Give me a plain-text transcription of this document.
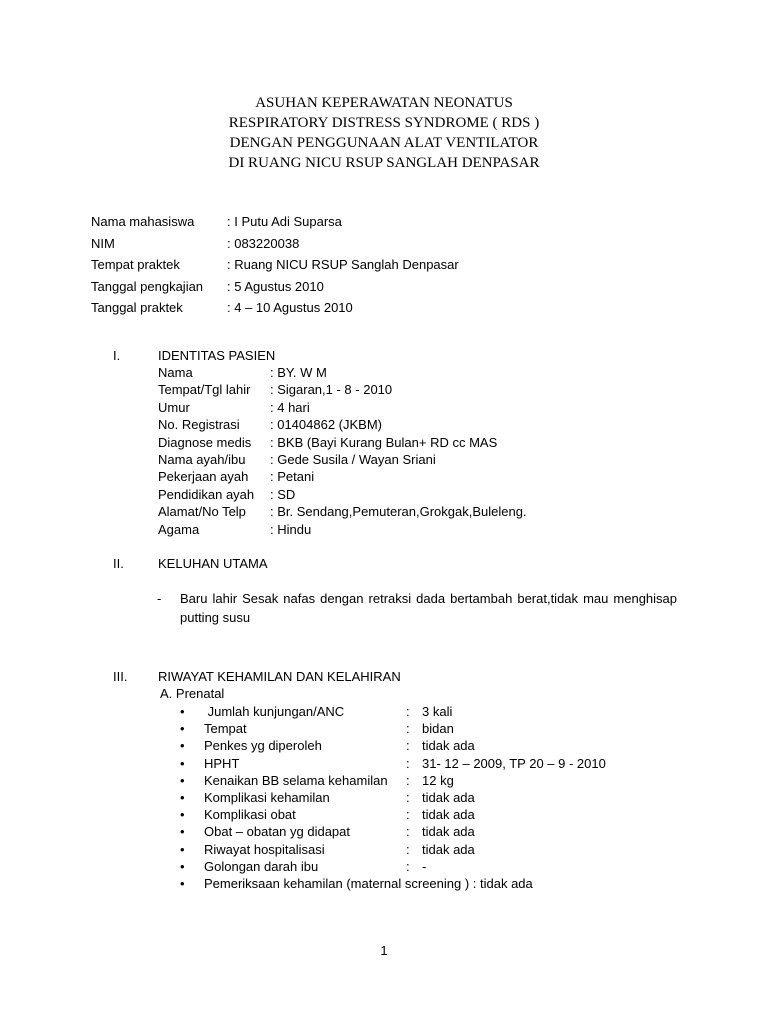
ASUHAN KEPERAWATAN NEONATUS
RESPIRATORY DISTRESS SYNDROME ( RDS )
DENGAN PENGGUNAAN ALAT VENTILATOR
DI RUANG NICU RSUP SANGLAH DENPASAR
Nama mahasiswa	: I Putu Adi Suparsa
NIM	: 083220038
Tempat praktek	: Ruang NICU RSUP Sanglah Denpasar
Tanggal pengkajian : 5 Agustus 2010
Tanggal praktek	: 4 – 10 Agustus 2010
I.	IDENTITAS PASIEN
Nama	: BY. W M
Tempat/Tgl lahir : Sigaran,1 - 8 - 2010
Umur	: 4 hari
No. Registrasi : 01404862 (JKBM)
Diagnose medis : BKB (Bayi Kurang Bulan+ RD cc MAS
Nama ayah/ibu : Gede Susila / Wayan Sriani
Pekerjaan ayah : Petani
Pendidikan ayah : SD
Alamat/No Telp : Br. Sendang,Pemuteran,Grokgak,Buleleng.
Agama	: Hindu
II.	KELUHAN UTAMA
- Baru lahir Sesak nafas dengan retraksi dada bertambah berat,tidak mau menghisap putting susu
III. RIWAYAT KEHAMILAN DAN KELAHIRAN
A. Prenatal
• Jumlah kunjungan/ANC	: 3 kali
• Tempat	: bidan
• Penkes yg diperoleh	: tidak ada
• HPHT	: 31- 12 – 2009, TP 20 – 9 - 2010
• Kenaikan BB selama kehamilan : 12 kg
• Komplikasi kehamilan	: tidak ada
• Komplikasi obat	: tidak ada
• Obat – obatan yg didapat	: tidak ada
• Riwayat hospitalisasi	: tidak ada
• Golongan darah ibu	: -
• Pemeriksaan kehamilan (maternal screening ) : tidak ada
1
